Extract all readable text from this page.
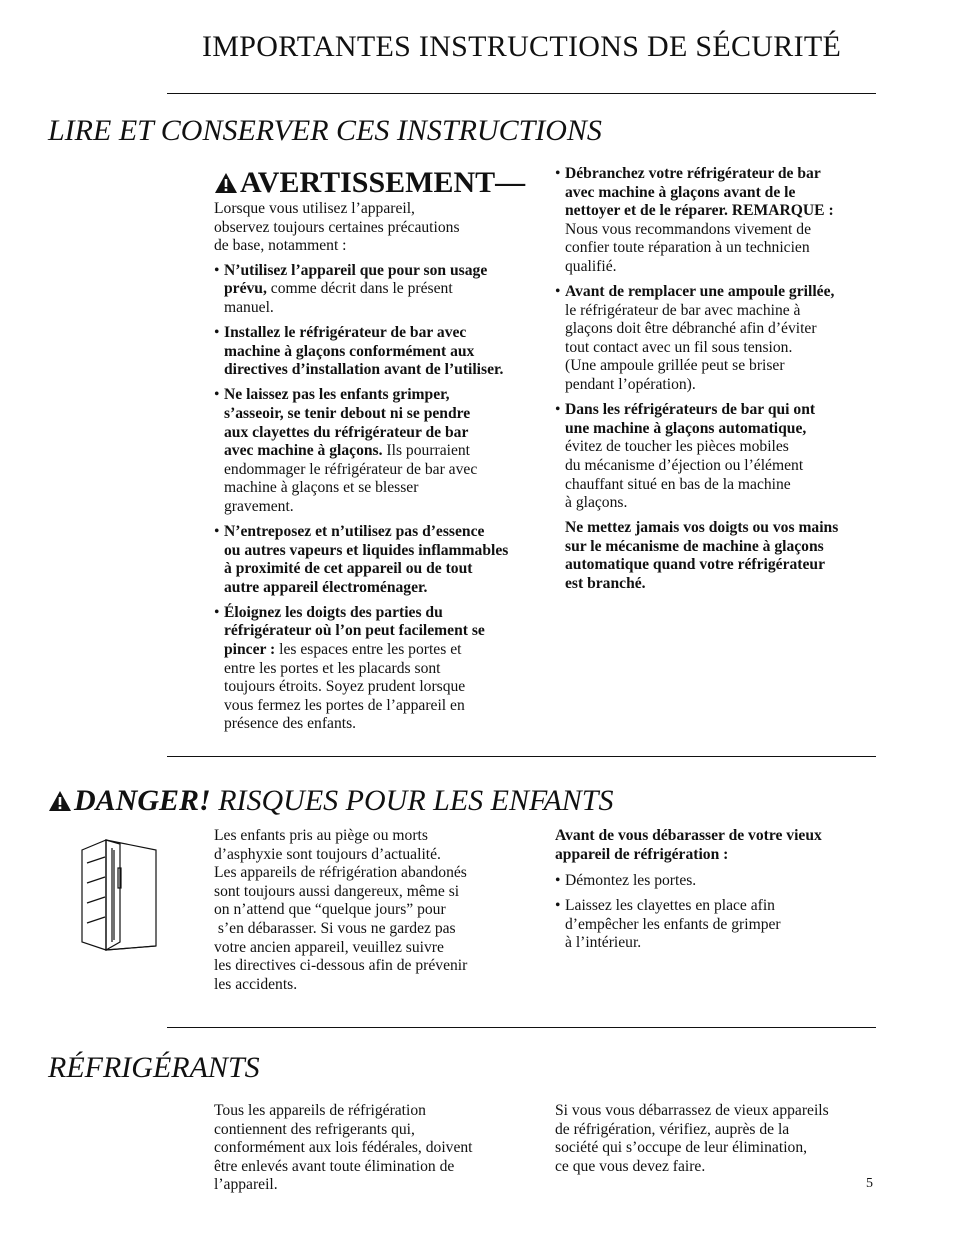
IMPORTANTES INSTRUCTIONS DE SÉCURITÉ
LIRE ET CONSERVER CES INSTRUCTIONS
AVERTISSEMENT—
Lorsque vous utilisez l’appareil,
observez toujours certaines précautions
de base, notamment :
• N’utilisez l’appareil que pour son usage
prévu, comme décrit dans le présent
manuel.
• Installez le réfrigérateur de bar avec
machine à glaçons conformément aux
directives d’installation avant de l’utiliser.
• Ne laissez pas les enfants grimper,
s’asseoir, se tenir debout ni se pendre
aux clayettes du réfrigérateur de bar
avec machine à glaçons. Ils pourraient
endommager le réfrigérateur de bar avec
machine à glaçons et se blesser
gravement.
• N’entreposez et n’utilisez pas d’essence
ou autres vapeurs et liquides inflammables
à proximité de cet appareil ou de tout
autre appareil électroménager.
• Éloignez les doigts des parties du
réfrigérateur où l’on peut facilement se
pincer : les espaces entre les portes et
entre les portes et les placards sont
toujours étroits. Soyez prudent lorsque
vous fermez les portes de l’appareil en
présence des enfants.
• Débranchez votre réfrigérateur de bar
avec machine à glaçons avant de le
nettoyer et de le réparer. REMARQUE :
Nous vous recommandons vivement de
confier toute réparation à un technicien
qualifié.
• Avant de remplacer une ampoule grillée,
le réfrigérateur de bar avec machine à
glaçons doit être débranché afin d’éviter
tout contact avec un fil sous tension.
(Une ampoule grillée peut se briser
pendant l’opération).
• Dans les réfrigérateurs de bar qui ont
une machine à glaçons automatique,
évitez de toucher les pièces mobiles
du mécanisme d’éjection ou l’élément
chauffant situé en bas de la machine
à glaçons.
Ne mettez jamais vos doigts ou vos mains
sur le mécanisme de machine à glaçons
automatique quand votre réfrigérateur
est branché.
DANGER! RISQUES POUR LES ENFANTS
Les enfants pris au piège ou morts
d’asphyxie sont toujours d’actualité.
Les appareils de réfrigération abandonés
sont toujours aussi dangereux, même si
on n’attend que “quelque jours” pour
s’en débarasser. Si vous ne gardez pas
votre ancien appareil, veuillez suivre
les directives ci-dessous afin de prévenir
les accidents.
Avant de vous débarasser de votre vieux
appareil de réfrigération :
• Démontez les portes.
• Laissez les clayettes en place afin
d’empêcher les enfants de grimper
à l’intérieur.
RÉFRIGÉRANTS
Tous les appareils de réfrigération
contiennent des refrigerants qui,
conformément aux lois fédérales, doivent
être enlevés avant toute élimination de
l’appareil.
Si vous vous débarrassez de vieux appareils
de réfrigération, vérifiez, auprès de la
société qui s’occupe de leur élimination,
ce que vous devez faire.
5
